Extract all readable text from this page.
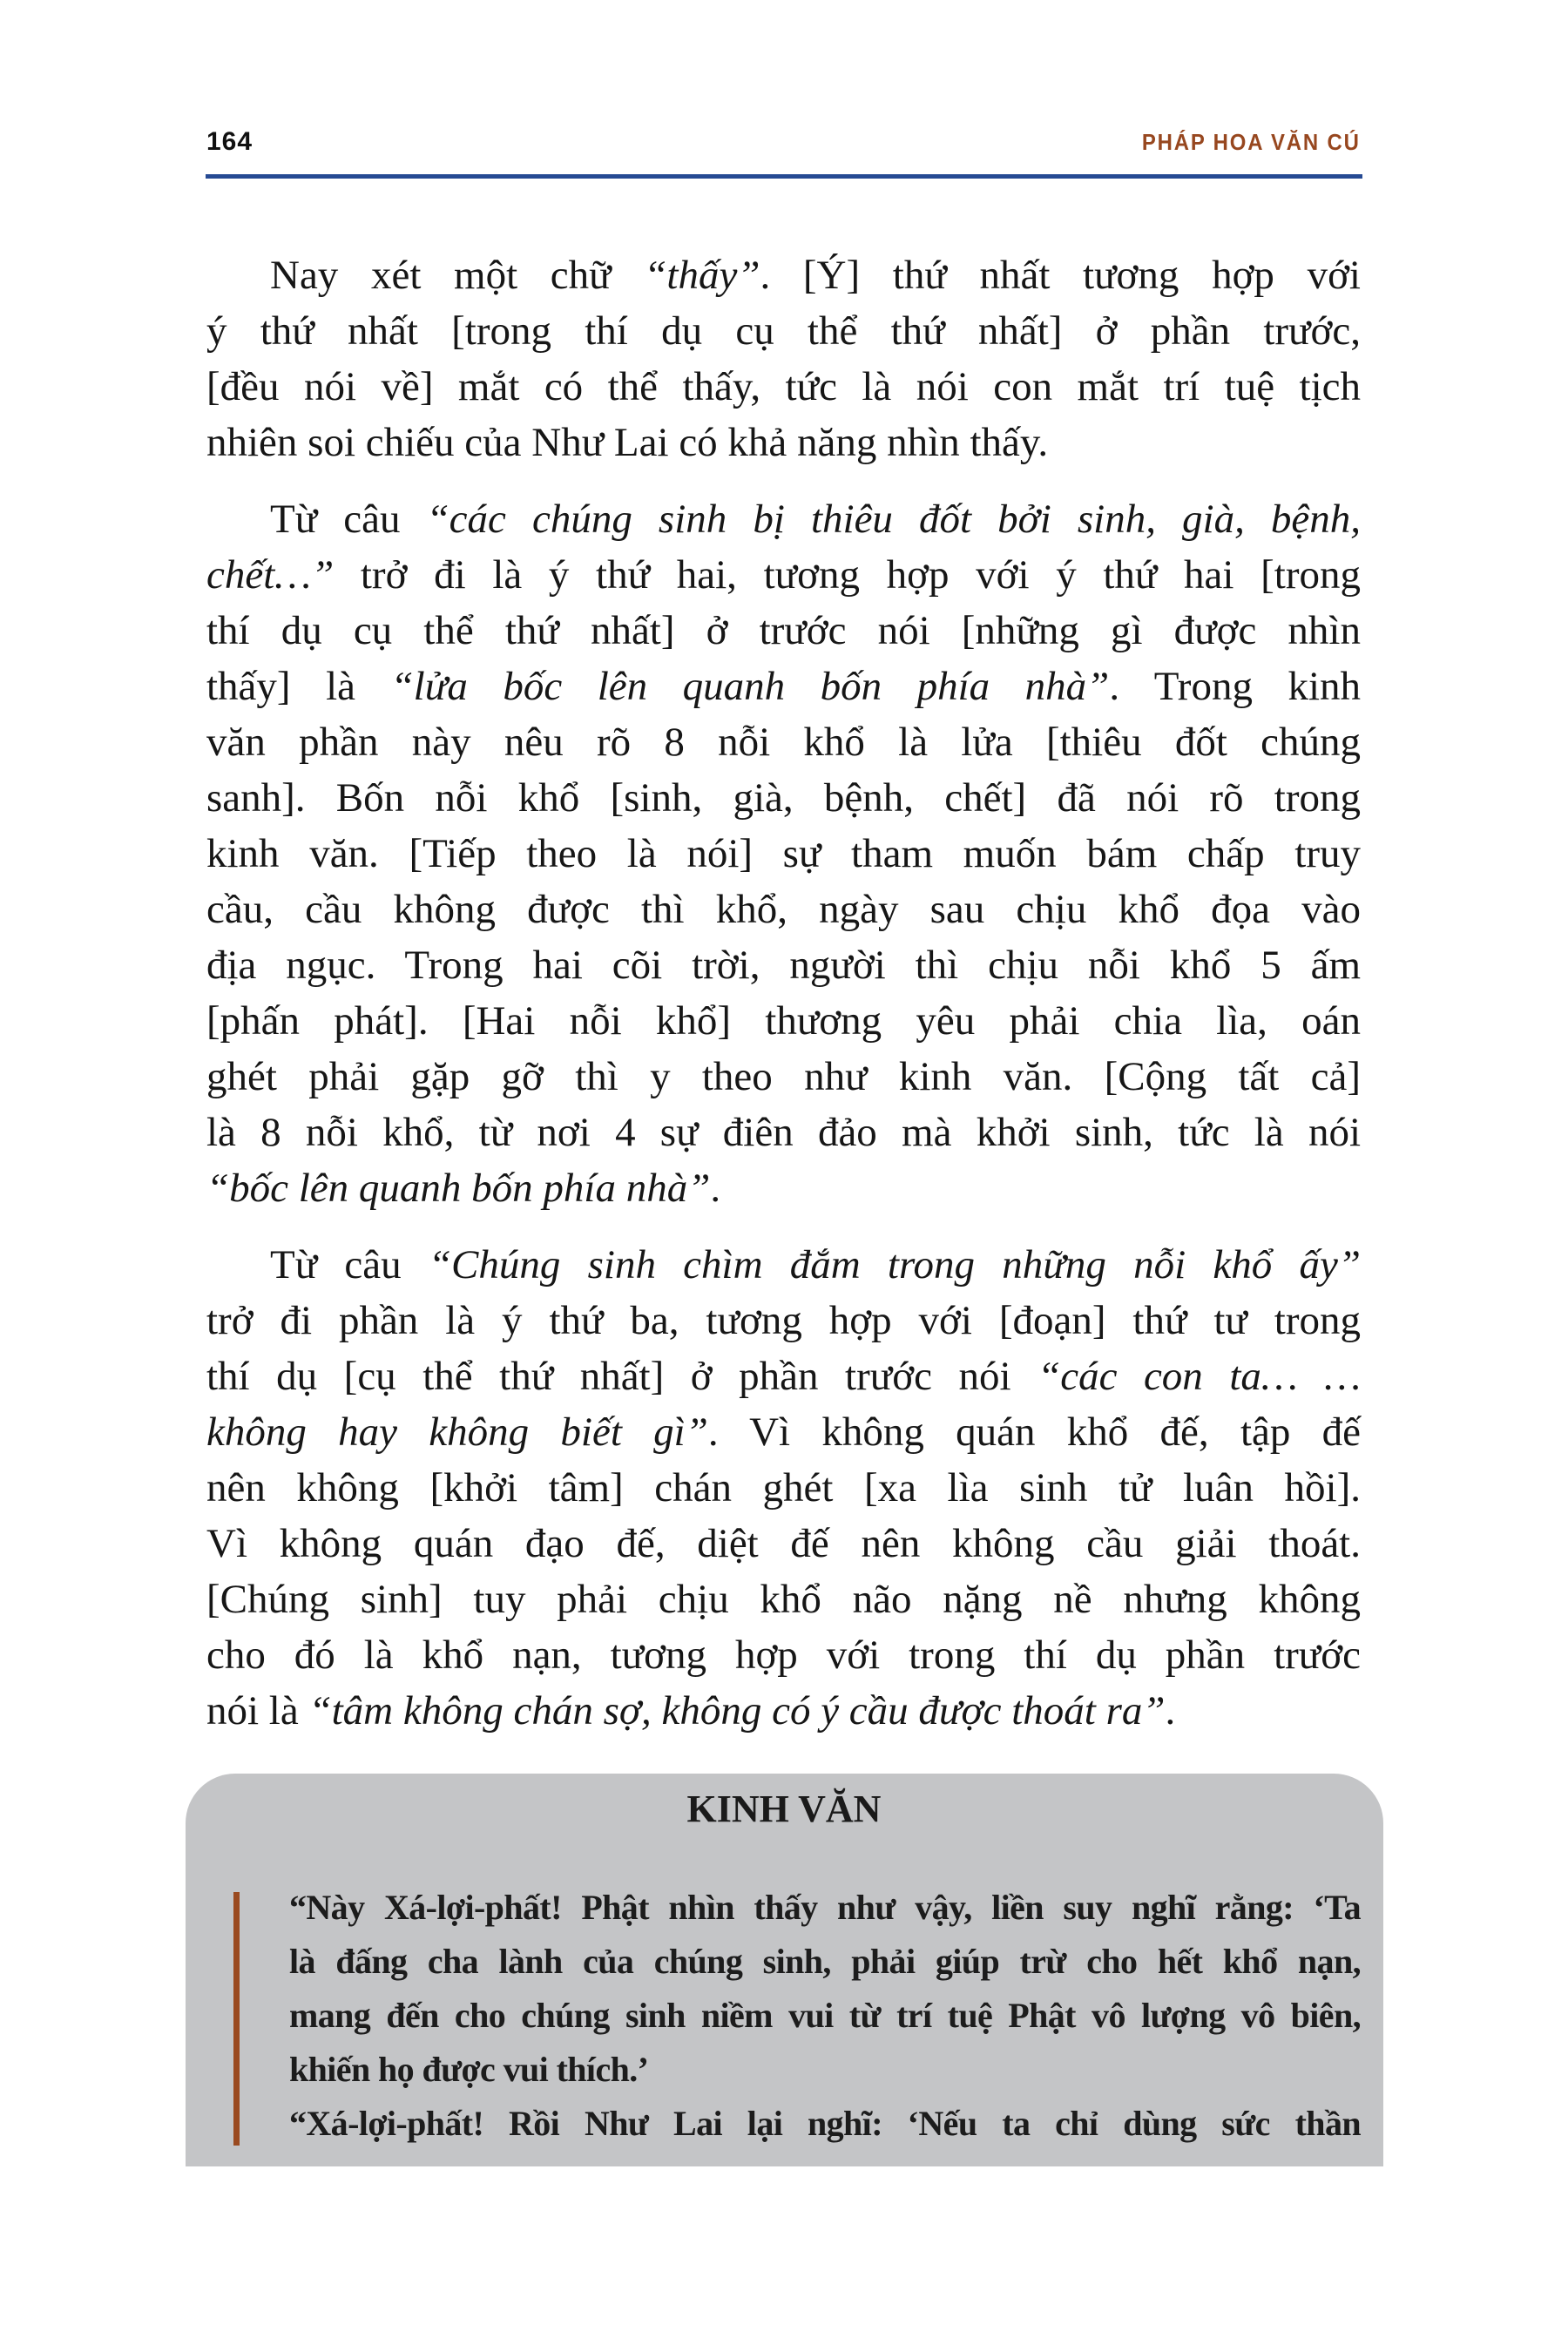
164	PHÁP HOA VĂN CÚ
Nay xét một chữ “thấy”. [Ý] thứ nhất tương hợp với
ý thứ nhất [trong thí dụ cụ thể thứ nhất] ở phần trước,
[đều nói về] mắt có thể thấy, tức là nói con mắt trí tuệ tịch
nhiên soi chiếu của Như Lai có khả năng nhìn thấy.
Từ câu “các chúng sinh bị thiêu đốt bởi sinh, già, bệnh,
chết…” trở đi là ý thứ hai, tương hợp với ý thứ hai [trong
thí dụ cụ thể thứ nhất] ở trước nói [những gì được nhìn
thấy] là “lửa bốc lên quanh bốn phía nhà”. Trong kinh
văn phần này nêu rõ 8 nỗi khổ là lửa [thiêu đốt chúng
sanh]. Bốn nỗi khổ [sinh, già, bệnh, chết] đã nói rõ trong
kinh văn. [Tiếp theo là nói] sự tham muốn bám chấp truy
cầu, cầu không được thì khổ, ngày sau chịu khổ đọa vào
địa ngục. Trong hai cõi trời, người thì chịu nỗi khổ 5 ấm
[phấn phát]. [Hai nỗi khổ] thương yêu phải chia lìa, oán
ghét phải gặp gỡ thì y theo như kinh văn. [Cộng tất cả]
là 8 nỗi khổ, từ nơi 4 sự điên đảo mà khởi sinh, tức là nói
“bốc lên quanh bốn phía nhà”.
Từ câu “Chúng sinh chìm đắm trong những nỗi khổ ấy”
trở đi phần là ý thứ ba, tương hợp với [đoạn] thứ tư trong
thí dụ [cụ thể thứ nhất] ở phần trước nói “các con ta… …
không hay không biết gì”. Vì không quán khổ đế, tập đế
nên không [khởi tâm] chán ghét [xa lìa sinh tử luân hồi].
Vì không quán đạo đế, diệt đế nên không cầu giải thoát.
[Chúng sinh] tuy phải chịu khổ não nặng nề nhưng không
cho đó là khổ nạn, tương hợp với trong thí dụ phần trước
nói là “tâm không chán sợ, không có ý cầu được thoát ra”.
KINH VĂN
“Này Xá-lợi-phất! Phật nhìn thấy như vậy, liền suy nghĩ rằng: ‘Ta
là đấng cha lành của chúng sinh, phải giúp trừ cho hết khổ nạn,
mang đến cho chúng sinh niềm vui từ trí tuệ Phật vô lượng vô biên,
khiến họ được vui thích.’
“Xá-lợi-phất! Rồi Như Lai lại nghĩ: ‘Nếu ta chỉ dùng sức thần
